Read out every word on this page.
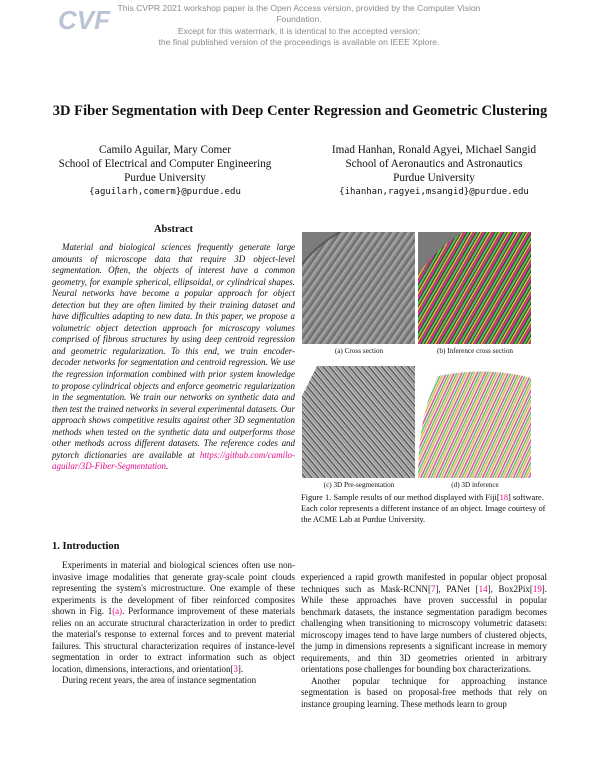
CVF This CVPR 2021 workshop paper is the Open Access version, provided by the Computer Vision Foundation.
Except for this watermark, it is identical to the accepted version;
the final published version of the proceedings is available on IEEE Xplore.
3D Fiber Segmentation with Deep Center Regression and Geometric Clustering
Camilo Aguilar, Mary Comer
School of Electrical and Computer Engineering
Purdue University
{aguilarh,comerm}@purdue.edu
Imad Hanhan, Ronald Agyei, Michael Sangid
School of Aeronautics and Astronautics
Purdue University
{ihanhan,ragyei,msangid}@purdue.edu
Abstract
Material and biological sciences frequently generate large amounts of microscope data that require 3D object-level segmentation. Often, the objects of interest have a common geometry, for example spherical, ellipsoidal, or cylindrical shapes. Neural networks have become a popular approach for object detection but they are often limited by their training dataset and have difficulties adapting to new data. In this paper, we propose a volumetric object detection approach for microscopy volumes comprised of fibrous structures by using deep centroid regression and geometric regularization. To this end, we train encoder-decoder networks for segmentation and centroid regression. We use the regression information combined with prior system knowledge to propose cylindrical objects and enforce geometric regularization in the segmentation. We train our networks on synthetic data and then test the trained networks in several experimental datasets. Our approach shows competitive results against other 3D segmentation methods when tested on the synthetic data and outperforms those other methods across different datasets. The reference codes and pytorch dictionaries are available at https://github.com/camilo-aguilar/3D-Fiber-Segmentation.
(a) Cross section	(b) Inference cross section
(c) 3D Pre-segmentation	(d) 3D inference
Figure 1. Sample results of our method displayed with Fiji[18] software. Each color represents a different instance of an object. Image courtesy of the ACME Lab at Purdue University.
1. Introduction

Experiments in material and biological sciences often use non-invasive image modalities that generate gray-scale point clouds representing the system's microstructure. One example of these experiments is the development of fiber reinforced composites shown in Fig. 1(a). Performance improvement of these materials relies on an accurate structural characterization in order to predict the material's response to external forces and to prevent material failures. This structural characterization requires of instance-level segmentation in order to extract information such as object location, dimensions, interactions, and orientation[3].

During recent years, the area of instance segmentation

experienced a rapid growth manifested in popular object proposal techniques such as Mask-RCNN[7], PANet [14], Box2Pix[19]. While these approaches have proven successful in popular benchmark datasets, the instance segmentation paradigm becomes challenging when transitioning to microscopy volumetric datasets: microscopy images tend to have large numbers of clustered objects, the jump in dimensions represents a significant increase in memory requirements, and thin 3D geometries oriented in arbitrary orientations pose challenges for bounding box characterizations.

Another popular technique for approaching instance segmentation is based on proposal-free methods that rely on instance grouping learning. These methods learn to group
